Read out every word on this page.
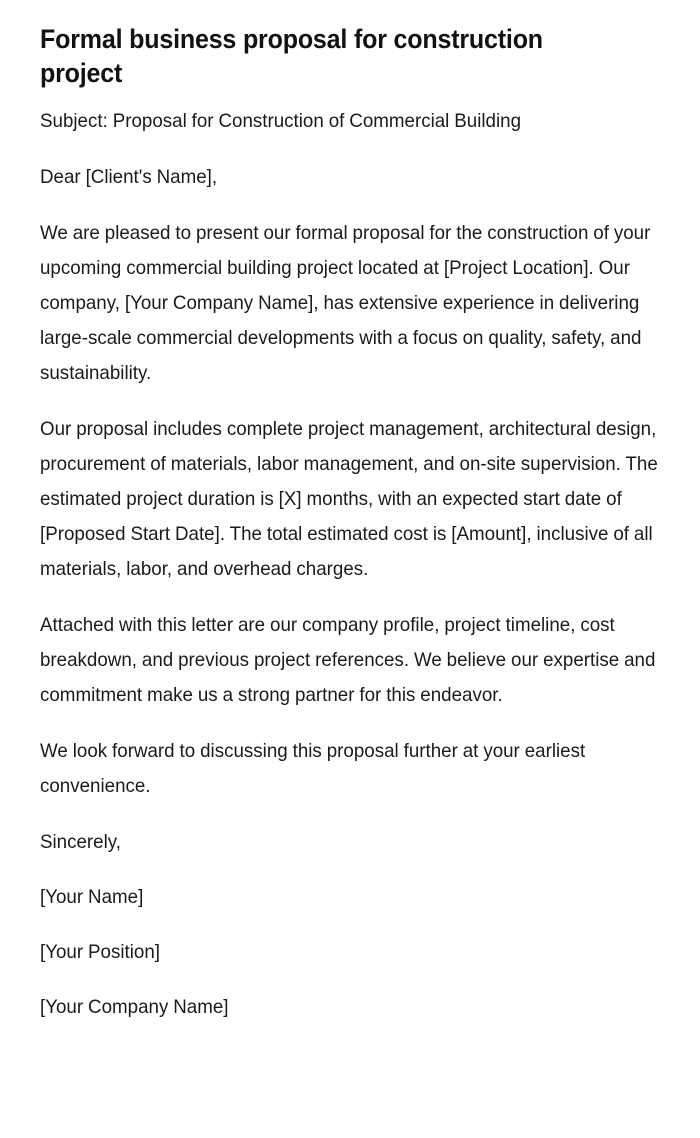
Formal business proposal for construction project

Subject: Proposal for Construction of Commercial Building

Dear [Client's Name],

We are pleased to present our formal proposal for the construction of your upcoming commercial building project located at [Project Location]. Our company, [Your Company Name], has extensive experience in delivering large-scale commercial developments with a focus on quality, safety, and sustainability.

Our proposal includes complete project management, architectural design, procurement of materials, labor management, and on-site supervision. The estimated project duration is [X] months, with an expected start date of [Proposed Start Date]. The total estimated cost is [Amount], inclusive of all materials, labor, and overhead charges.

Attached with this letter are our company profile, project timeline, cost breakdown, and previous project references. We believe our expertise and commitment make us a strong partner for this endeavor.

We look forward to discussing this proposal further at your earliest convenience.

Sincerely,

[Your Name]

[Your Position]

[Your Company Name]
